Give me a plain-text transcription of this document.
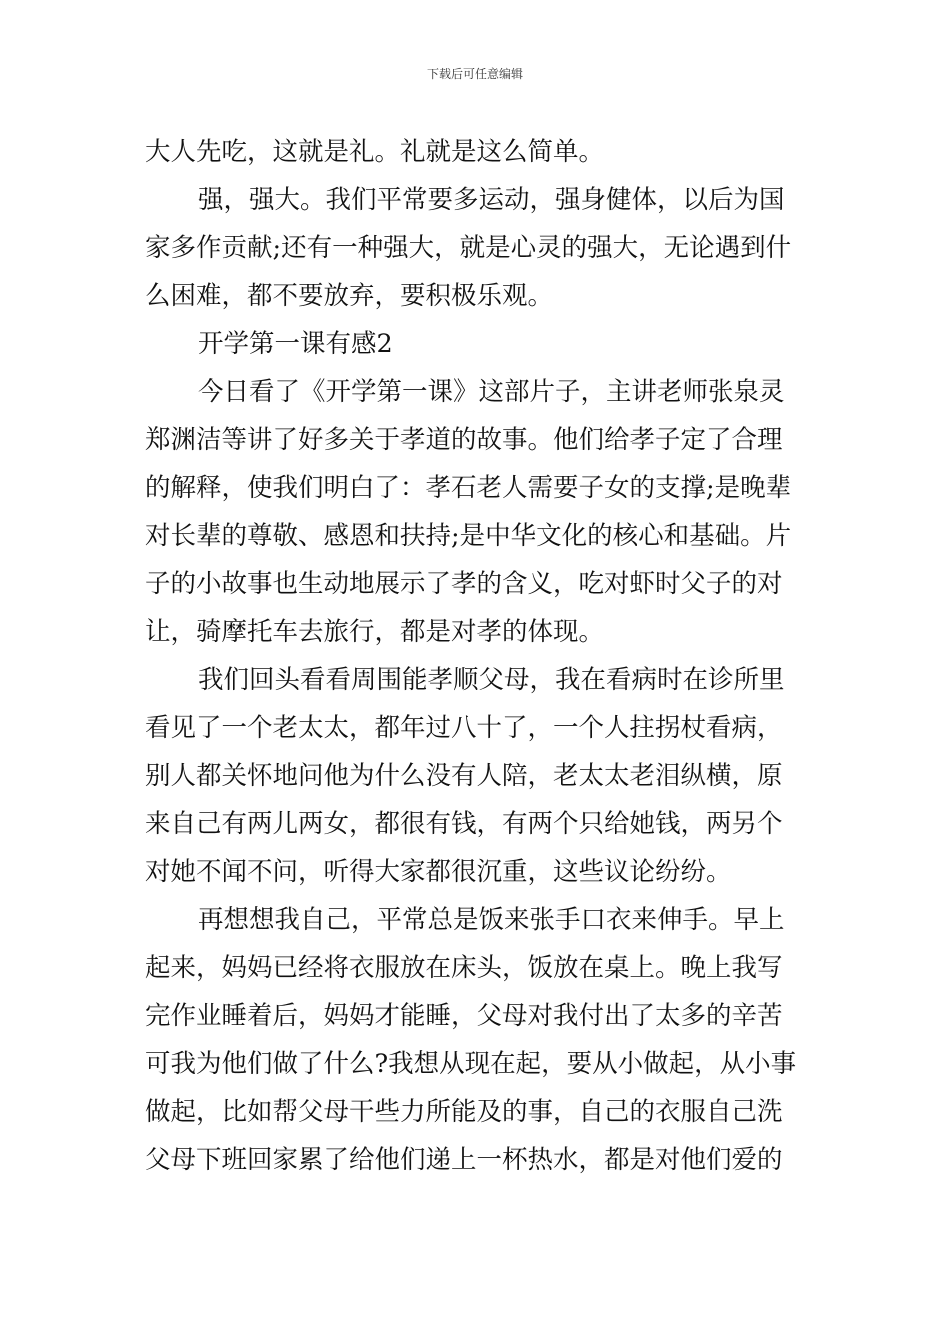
下载后可任意编辑
大人先吃，这就是礼。礼就是这么简单。
强，强大。我们平常要多运动，强身健体，以后为国
家多作贡献;还有一种强大，就是心灵的强大，无论遇到什
么困难，都不要放弃，要积极乐观。
开学第一课有感2
今日看了《开学第一课》这部片子，主讲老师张泉灵
郑渊洁等讲了好多关于孝道的故事。他们给孝子定了合理
的解释，使我们明白了：孝石老人需要子女的支撑;是晚辈
对长辈的尊敬、感恩和扶持;是中华文化的核心和基础。片
子的小故事也生动地展示了孝的含义，吃对虾时父子的对
让，骑摩托车去旅行，都是对孝的体现。
我们回头看看周围能孝顺父母，我在看病时在诊所里
看见了一个老太太，都年过八十了，一个人拄拐杖看病，
别人都关怀地问他为什么没有人陪，老太太老泪纵横，原
来自己有两儿两女，都很有钱，有两个只给她钱，两另个
对她不闻不问，听得大家都很沉重，这些议论纷纷。
再想想我自己，平常总是饭来张手口衣来伸手。早上
起来，妈妈已经将衣服放在床头，饭放在桌上。晚上我写
完作业睡着后，妈妈才能睡，父母对我付出了太多的辛苦
可我为他们做了什么?我想从现在起，要从小做起，从小事
做起，比如帮父母干些力所能及的事，自己的衣服自己洗
父母下班回家累了给他们递上一杯热水，都是对他们爱的
